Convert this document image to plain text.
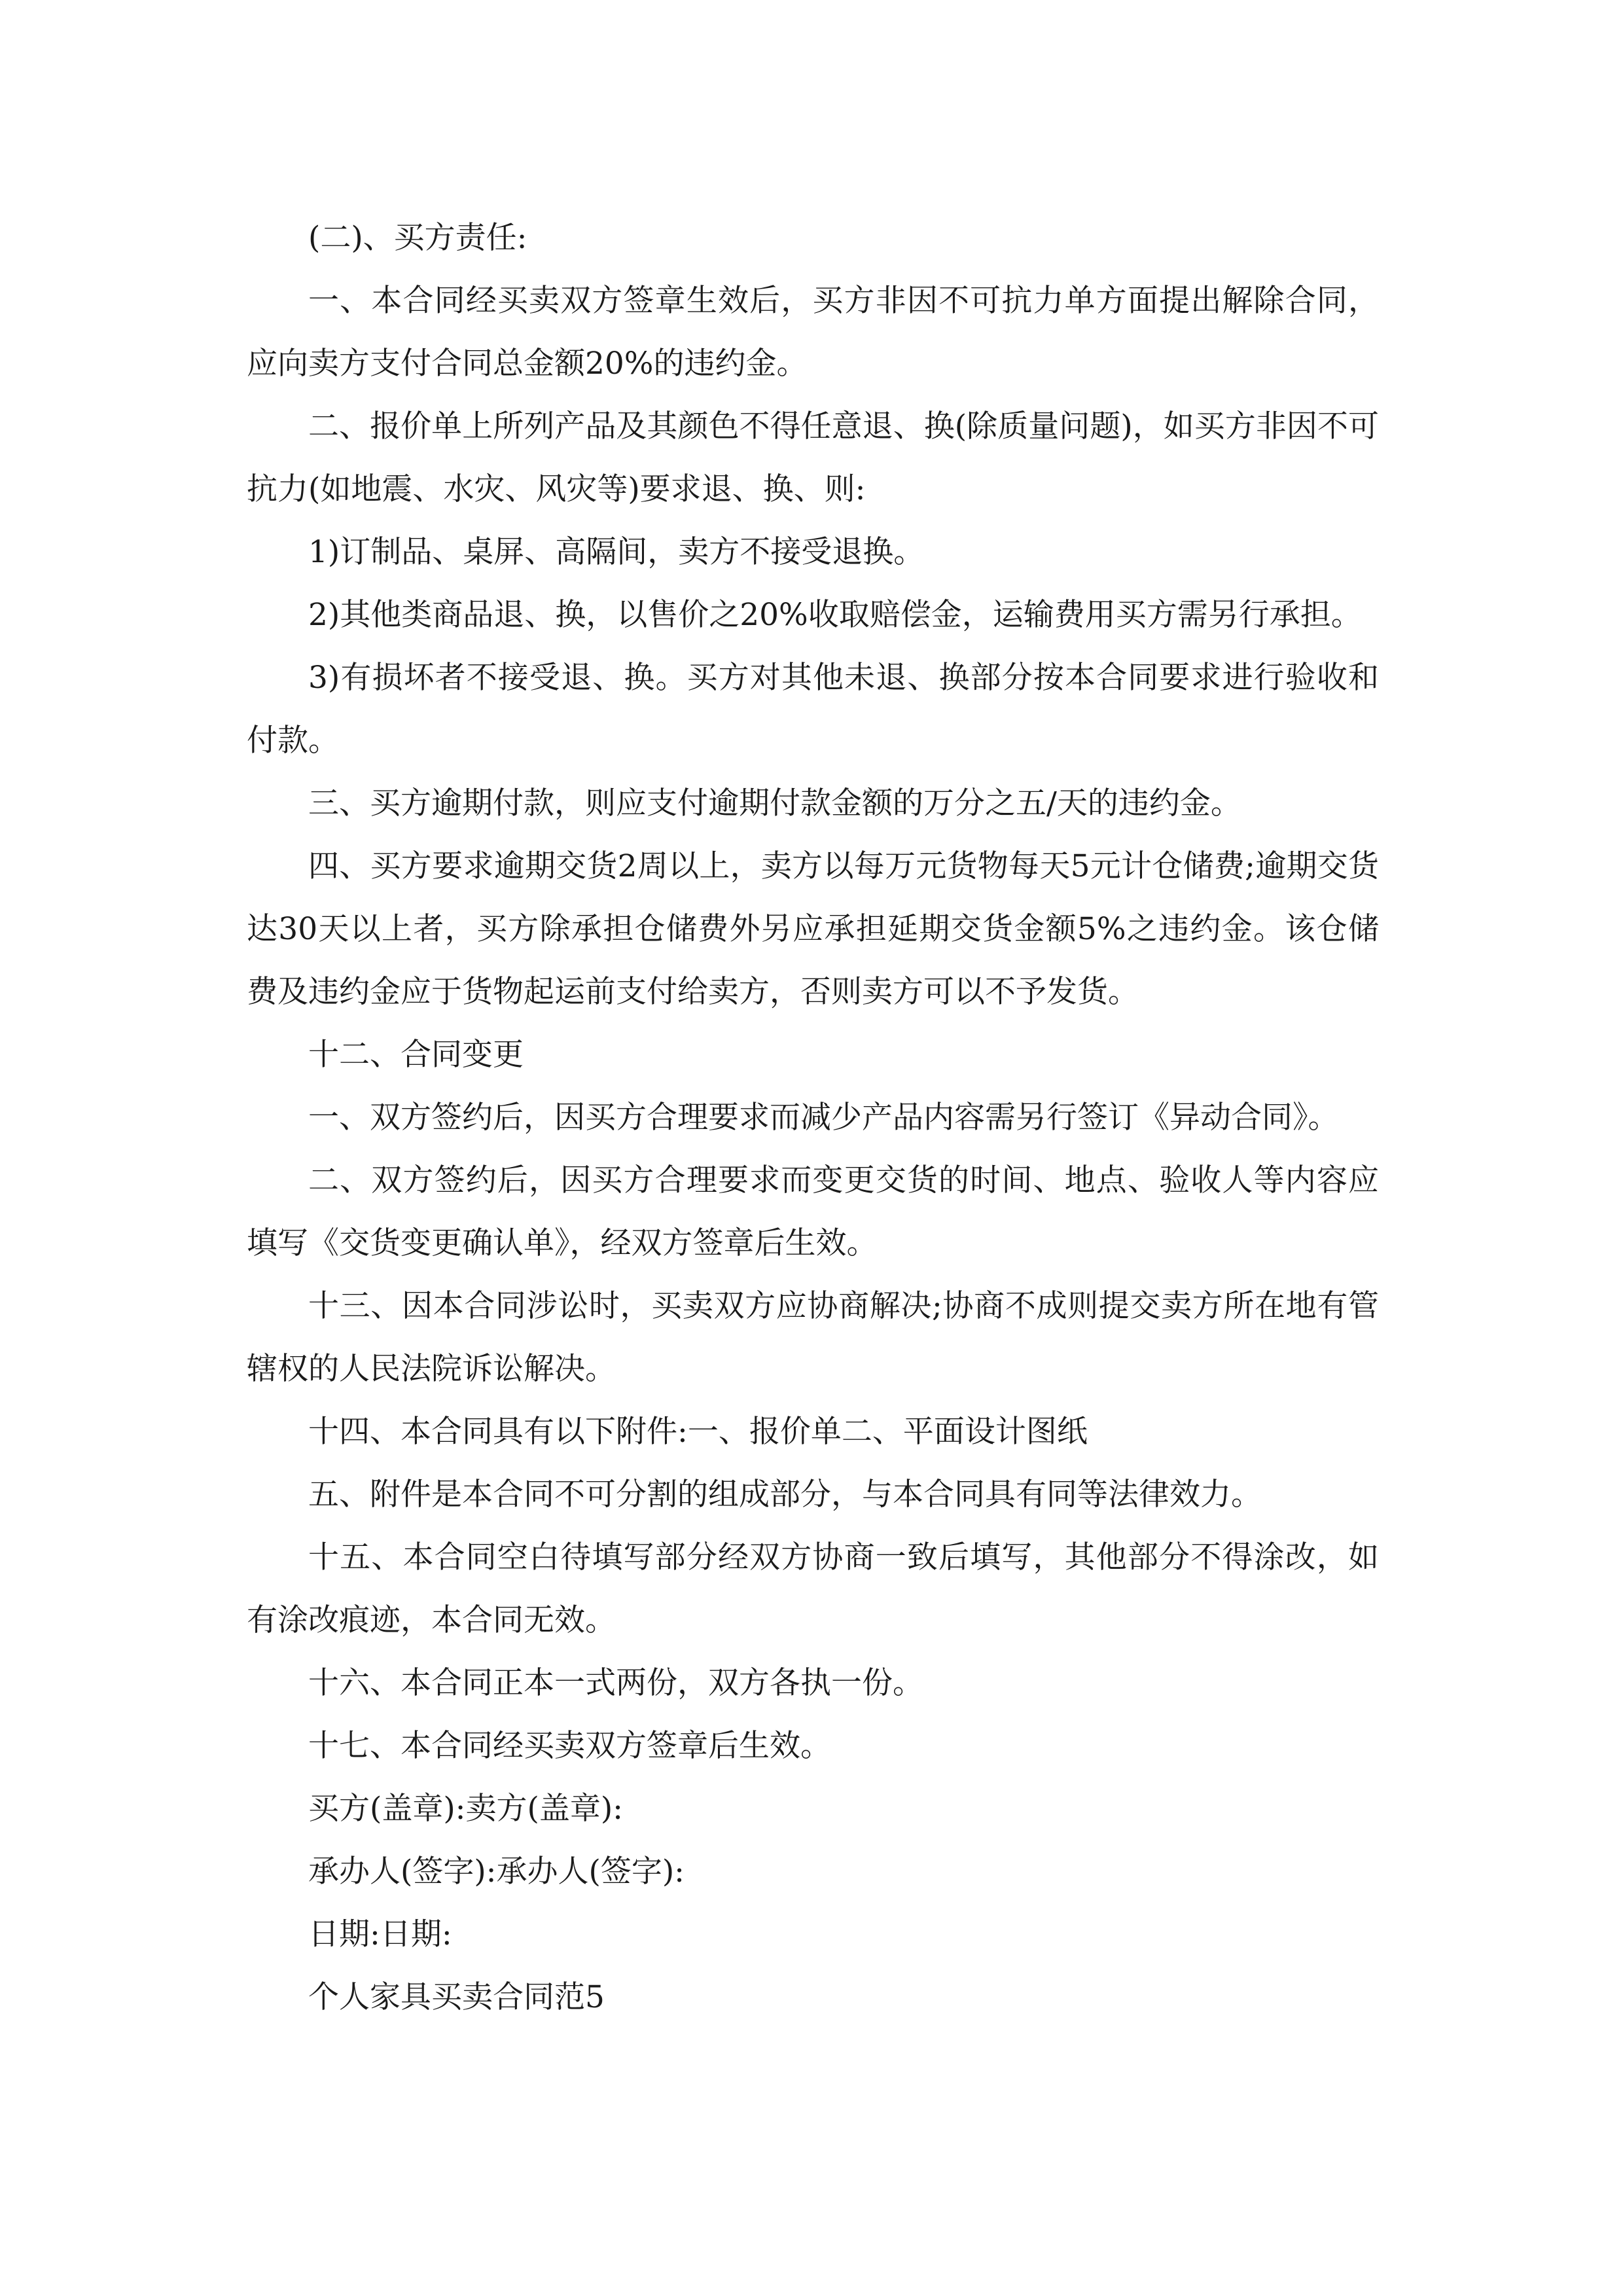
(二)、买方责任:

一、本合同经买卖双方签章生效后，买方非因不可抗力单方面提出解除合同，应向卖方支付合同总金额20%的违约金。

二、报价单上所列产品及其颜色不得任意退、换(除质量问题)，如买方非因不可抗力(如地震、水灾、风灾等)要求退、换、则:

1)订制品、桌屏、高隔间，卖方不接受退换。

2)其他类商品退、换，以售价之20%收取赔偿金，运输费用买方需另行承担。

3)有损坏者不接受退、换。买方对其他未退、换部分按本合同要求进行验收和付款。

三、买方逾期付款，则应支付逾期付款金额的万分之五/天的违约金。

四、买方要求逾期交货2周以上，卖方以每万元货物每天5元计仓储费;逾期交货达30天以上者，买方除承担仓储费外另应承担延期交货金额5%之违约金。该仓储费及违约金应于货物起运前支付给卖方，否则卖方可以不予发货。

十二、合同变更

一、双方签约后，因买方合理要求而减少产品内容需另行签订《异动合同》。

二、双方签约后，因买方合理要求而变更交货的时间、地点、验收人等内容应填写《交货变更确认单》，经双方签章后生效。

十三、因本合同涉讼时，买卖双方应协商解决;协商不成则提交卖方所在地有管辖权的人民法院诉讼解决。

十四、本合同具有以下附件:一、报价单二、平面设计图纸

五、附件是本合同不可分割的组成部分，与本合同具有同等法律效力。

十五、本合同空白待填写部分经双方协商一致后填写，其他部分不得涂改，如有涂改痕迹，本合同无效。

十六、本合同正本一式两份，双方各执一份。

十七、本合同经买卖双方签章后生效。

买方(盖章):卖方(盖章):

承办人(签字):承办人(签字):

日期:日期:

个人家具买卖合同范5
